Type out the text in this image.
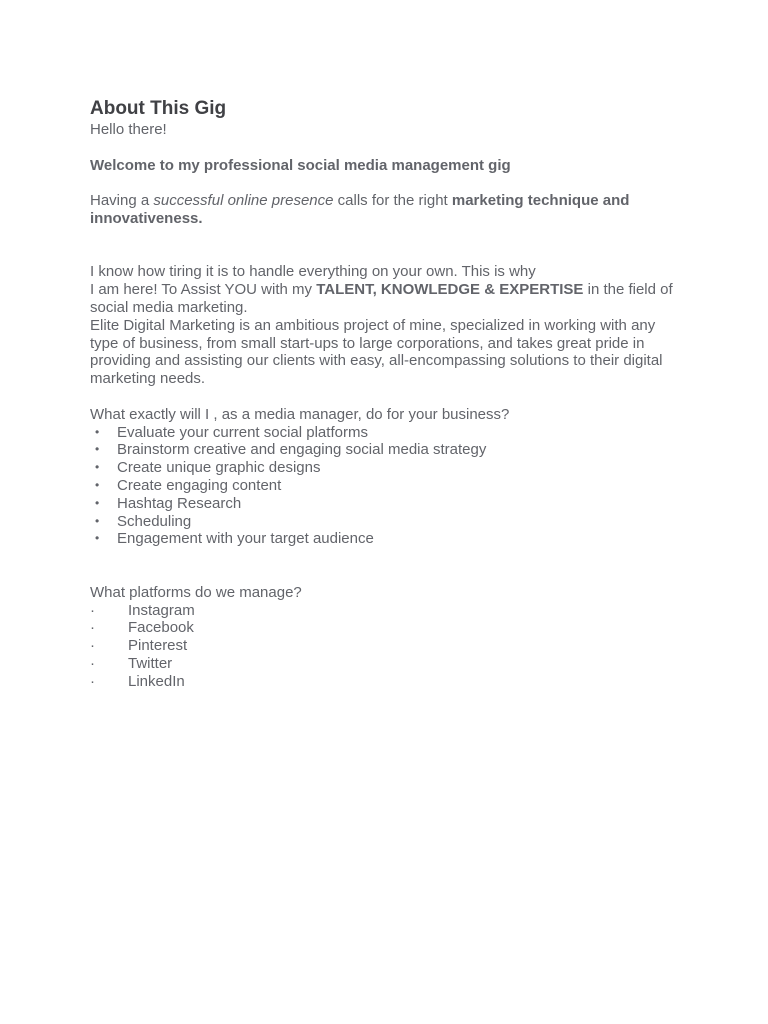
About This Gig

Hello there!

Welcome to my professional social media management gig

Having a successful online presence calls for the right marketing technique and innovativeness.

I know how tiring it is to handle everything on your own. This is why

I am here! To Assist YOU with my TALENT, KNOWLEDGE & EXPERTISE in the field of social media marketing.

Elite Digital Marketing is an ambitious project of mine, specialized in working with any type of business, from small start-ups to large corporations, and takes great pride in providing and assisting our clients with easy, all-encompassing solutions to their digital marketing needs.

What exactly will I , as a media manager, do for your business?

• Evaluate your current social platforms
• Brainstorm creative and engaging social media strategy
• Create unique graphic designs
• Create engaging content
• Hashtag Research
• Scheduling
• Engagement with your target audience

What platforms do we manage?

· Instagram
· Facebook
· Pinterest
· Twitter
· LinkedIn
